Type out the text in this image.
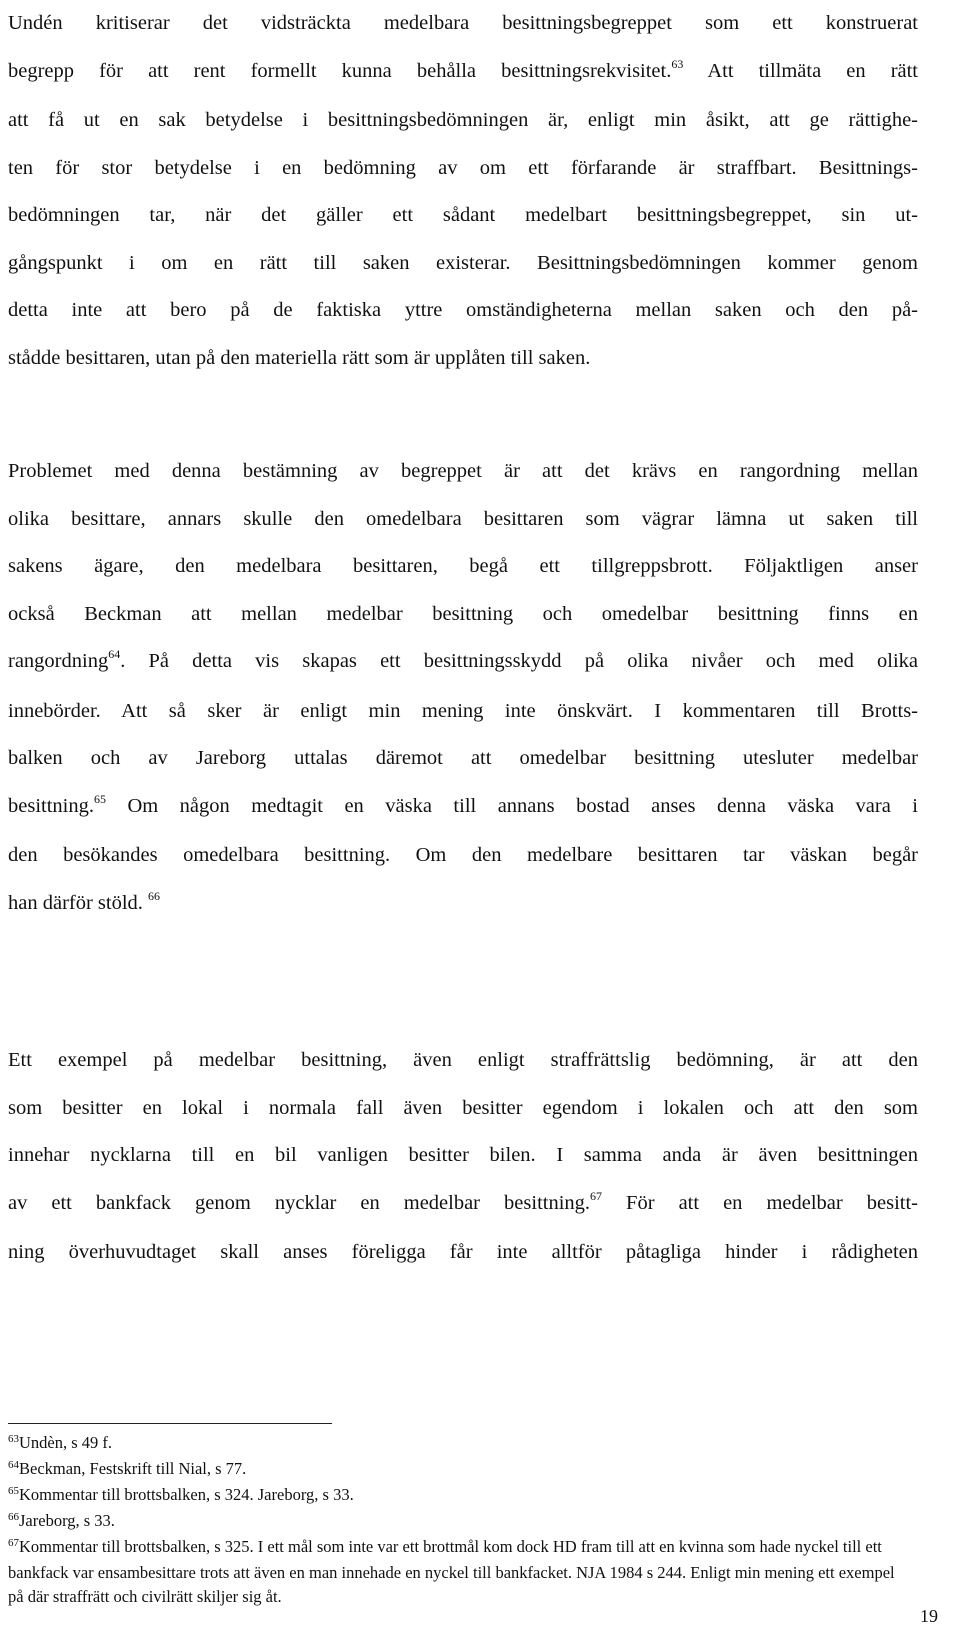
Undén kritiserar det vidsträckta medelbara besittningsbegreppet som ett konstruerat
begrepp för att rent formellt kunna behålla besittningsrekvisitet.$^{63}$ Att tillmäta en rätt
att få ut en sak betydelse i besittningsbedömningen är, enligt min åsikt, att ge rättighe-
ten för stor betydelse i en bedömning av om ett förfarande är straffbart. Besittnings-
bedömningen tar, när det gäller ett sådant medelbart besittningsbegreppet, sin ut-
gångspunkt i om en rätt till saken existerar. Besittningsbedömningen kommer genom
detta inte att bero på de faktiska yttre omständigheterna mellan saken och den på-
stådde besittaren, utan på den materiella rätt som är upplåten till saken.

Problemet med denna bestämning av begreppet är att det krävs en rangordning mellan
olika besittare, annars skulle den omedelbara besittaren som vägrar lämna ut saken till
sakens ägare, den medelbara besittaren, begå ett tillgreppsbrott. Följaktligen anser
också Beckman att mellan medelbar besittning och omedelbar besittning finns en
rangordning$^{64}$. På detta vis skapas ett besittningsskydd på olika nivåer och med olika
innebörder. Att så sker är enligt min mening inte önskvärt. I kommentaren till Brotts-
balken och av Jareborg uttalas däremot att omedelbar besittning utesluter medelbar
besittning.$^{65}$ Om någon medtagit en väska till annans bostad anses denna väska vara i
den besökandes omedelbara besittning. Om den medelbare besittaren tar väskan begår
han därför stöld. $^{66}$

Ett exempel på medelbar besittning, även enligt straffrättslig bedömning, är att den
som besitter en lokal i normala fall även besitter egendom i lokalen och att den som
innehar nycklarna till en bil vanligen besitter bilen. I samma anda är även besittningen
av ett bankfack genom nycklar en medelbar besittning.$^{67}$ För att en medelbar besitt-
ning överhuvudtaget skall anses föreligga får inte alltför påtagliga hinder i rådigheten

$^{63}$Undèn, s 49 f.
$^{64}$Beckman, Festskrift till Nial, s 77.
$^{65}$Kommentar till brottsbalken, s 324. Jareborg, s 33.
$^{66}$Jareborg, s 33.
$^{67}$Kommentar till brottsbalken, s 325. I ett mål som inte var ett brottmål kom dock HD fram till att en kvinna som hade nyckel till ett bankfack var ensambesittare trots att även en man innehade en nyckel till bankfacket. NJA 1984 s 244. Enligt min mening ett exempel på där straffrätt och civilrätt skiljer sig åt.
19
